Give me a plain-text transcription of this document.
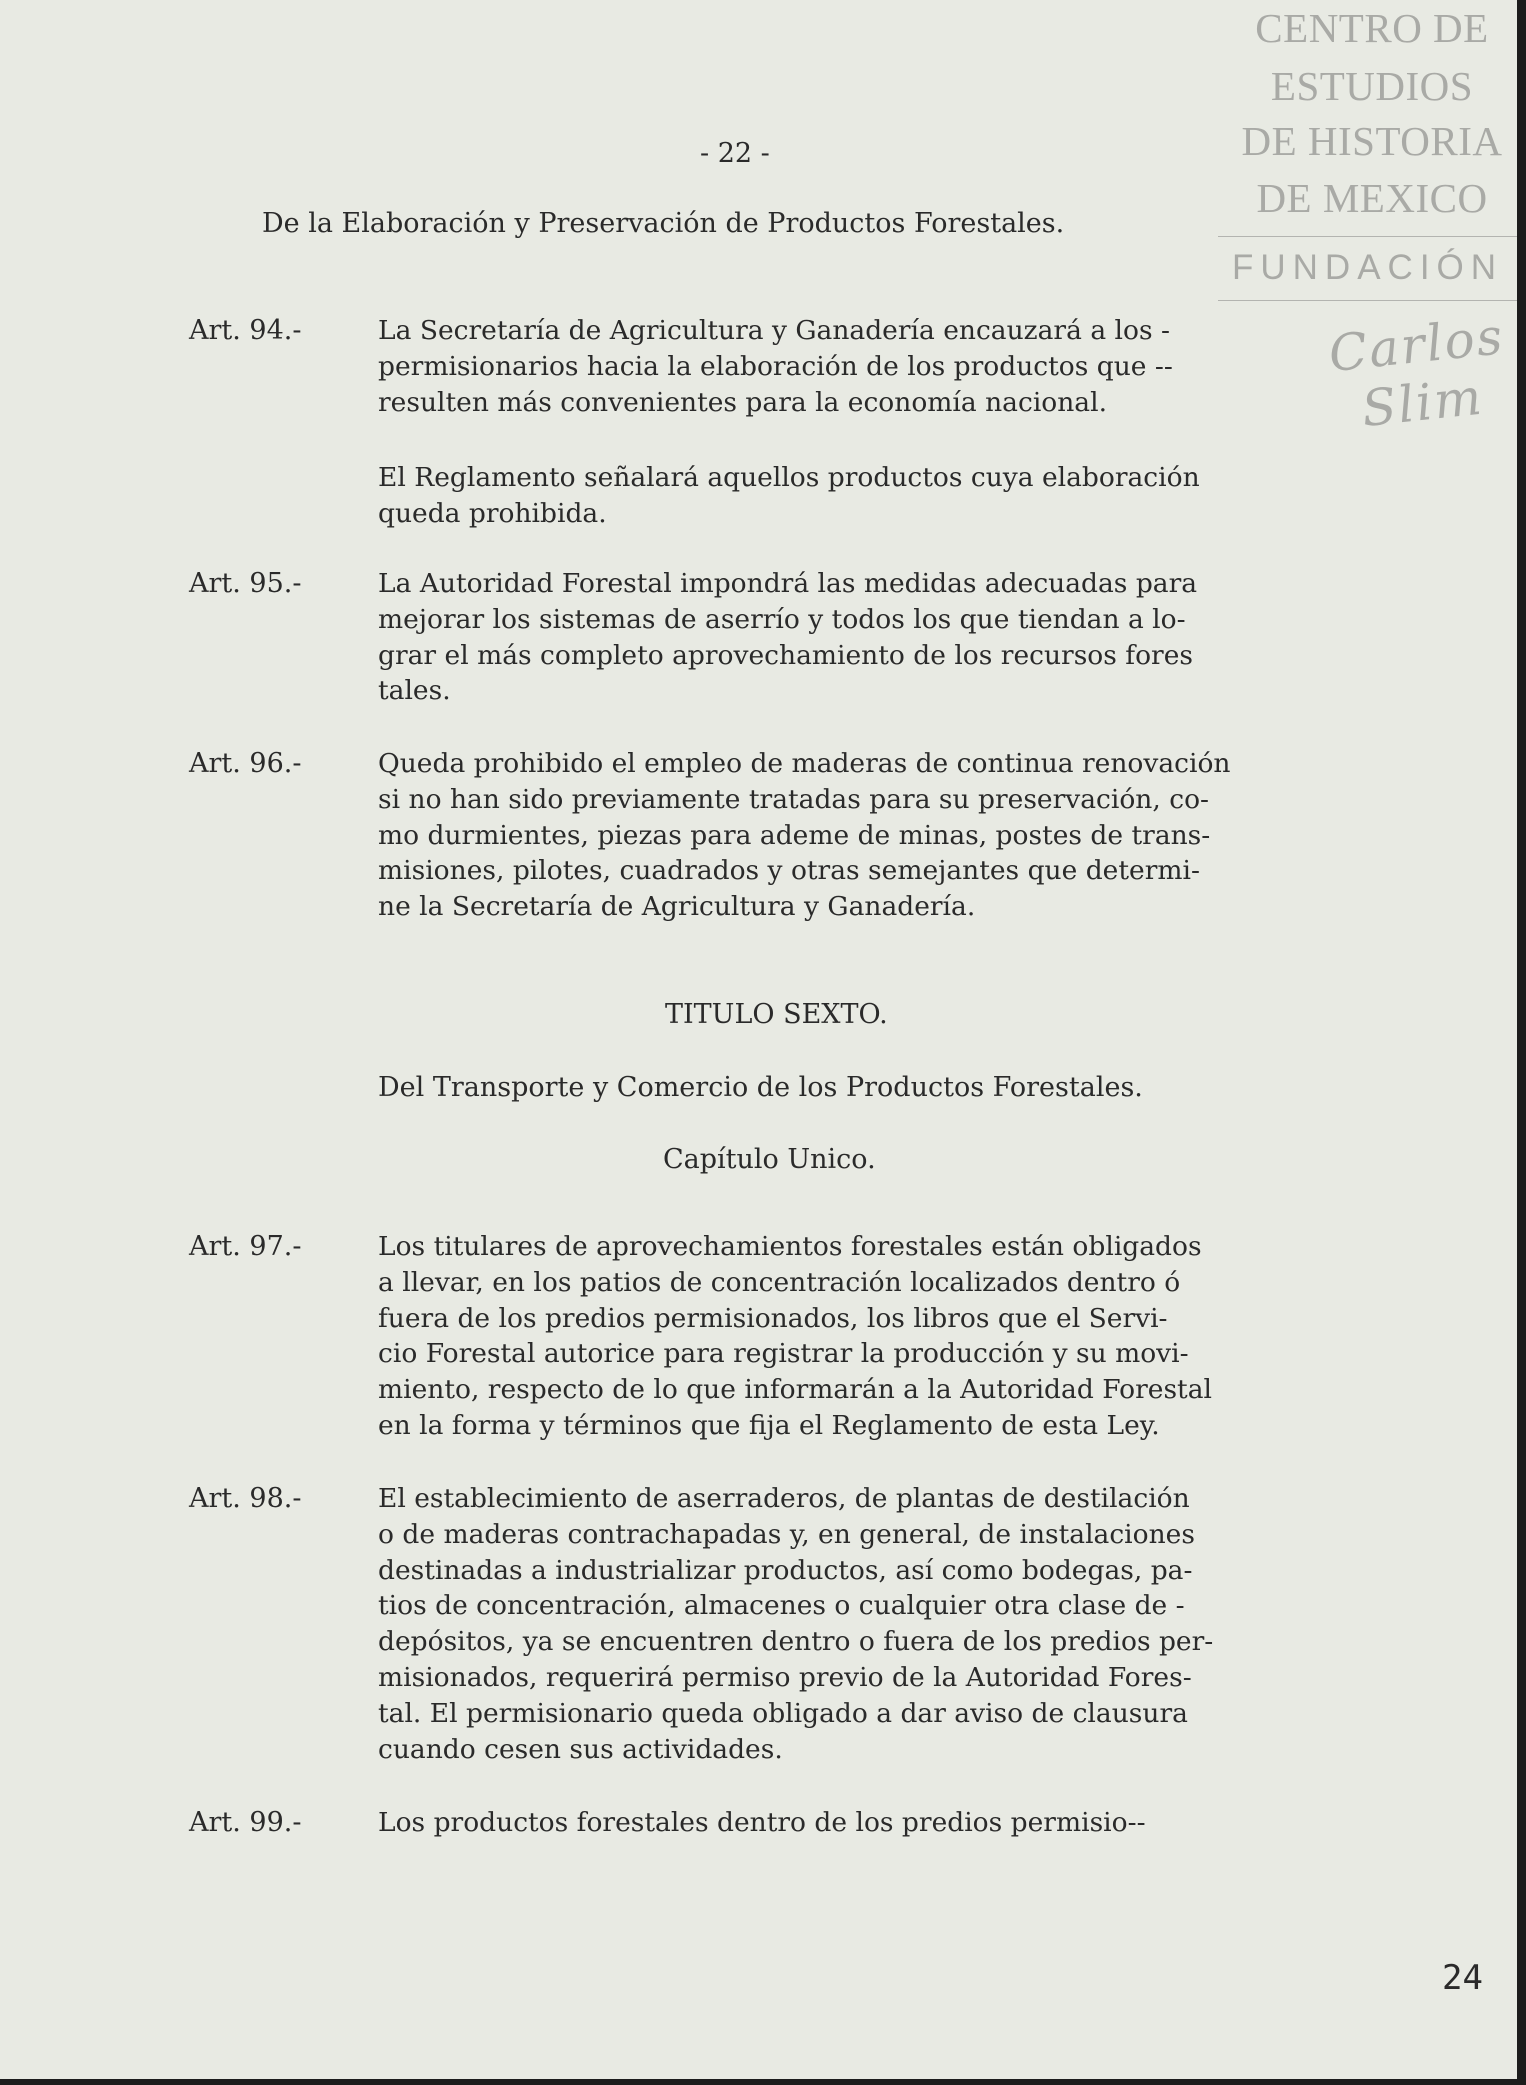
CENTRO DE
ESTUDIOS
DE HISTORIA
DE MEXICO
FUNDACIÓN
Carlos Slim
- 22 -
De la Elaboración y Preservación de Productos Forestales.
Art. 94.-	La Secretaría de Agricultura y Ganadería encauzará a los -
permisionarios hacia la elaboración de los productos que --
resulten más convenientes para la economía nacional.
El Reglamento señalará aquellos productos cuya elaboración
queda prohibida.
Art. 95.-	La Autoridad Forestal impondrá las medidas adecuadas para
mejorar los sistemas de aserrío y todos los que tiendan a lo-
grar el más completo aprovechamiento de los recursos fores
tales.
Art. 96.-	Queda prohibido el empleo de maderas de continua renovación
si no han sido previamente tratadas para su preservación, co-
mo durmientes, piezas para ademe de minas, postes de trans-
misiones, pilotes, cuadrados y otras semejantes que determi-
ne la Secretaría de Agricultura y Ganadería.
TITULO SEXTO.
Del Transporte y Comercio de los Productos Forestales.
Capítulo Unico.
Art. 97.-	Los titulares de aprovechamientos forestales están obligados
a llevar, en los patios de concentración localizados dentro ó
fuera de los predios permisionados, los libros que el Servi-
cio Forestal autorice para registrar la producción y su movi-
miento, respecto de lo que informarán a la Autoridad Forestal
en la forma y términos que fija el Reglamento de esta Ley.
Art. 98.-	El establecimiento de aserraderos, de plantas de destilación
o de maderas contrachapadas y, en general, de instalaciones
destinadas a industrializar productos, así como bodegas, pa-
tios de concentración, almacenes o cualquier otra clase de -
depósitos, ya se encuentren dentro o fuera de los predios per-
misionados, requerirá permiso previo de la Autoridad Fores-
tal. El permisionario queda obligado a dar aviso de clausura
cuando cesen sus actividades.
Art. 99.-	Los productos forestales dentro de los predios permisio--
24
